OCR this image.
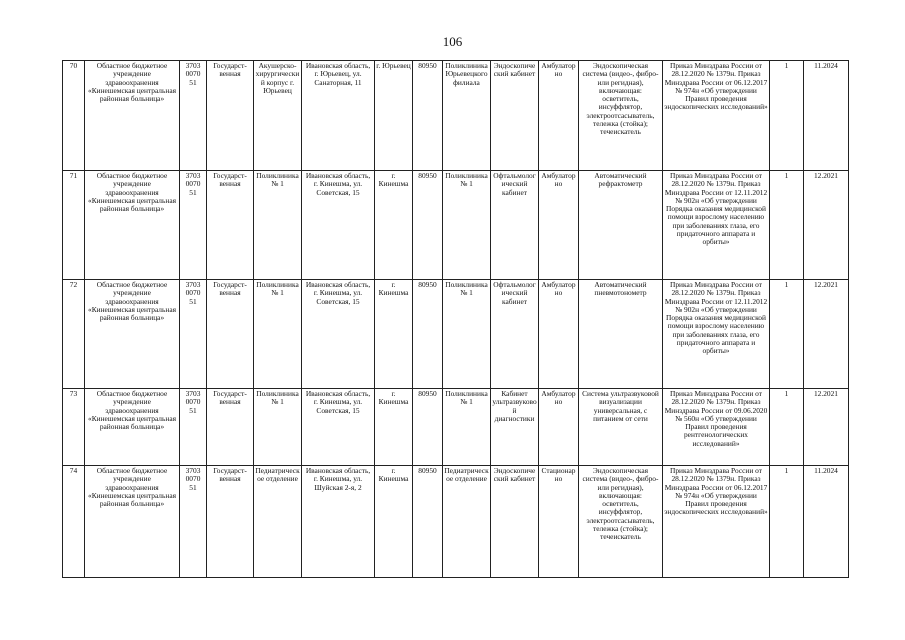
106
70	Областное бюджетное учреждение здравоохранения «Кинешемская центральная районная больница»	3703 0070 51	Государст-венная	Акушерско-хирургический корпус г. Юрьевец	Ивановская область, г. Юрьевец, ул. Санаторная, 11	г. Юрьевец	80950	Поликлиника Юрьевецкого филиала	Эндоскопический кабинет	Амбулаторно	Эндоскопическая система (видео-, фибро- или регидная), включающая: осветитель, инсуффлятор, электроотсасыватель, тележка (стойка); течеискатель	Приказ Минздрава России от 28.12.2020 № 1379н. Приказ Минздрава России от 06.12.2017 № 974н «Об утверждении Правил проведения эндоскопических исследований»	1	11.2024
71	Областное бюджетное учреждение здравоохранения «Кинешемская центральная районная больница»	3703 0070 51	Государст-венная	Поликлиника № 1	Ивановская область, г. Кинешма, ул. Советская, 15	г. Кинешма	80950	Поликлиника № 1	Офтальмологический кабинет	Амбулаторно	Автоматический рефрактометр	Приказ Минздрава России от 28.12.2020 № 1379н. Приказ Минздрава России от 12.11.2012 № 902н «Об утверждении Порядка оказания медицинской помощи взрослому населению при заболеваниях глаза, его придаточного аппарата и орбиты»	1	12.2021
72	Областное бюджетное учреждение здравоохранения «Кинешемская центральная районная больница»	3703 0070 51	Государст-венная	Поликлиника № 1	Ивановская область, г. Кинешма, ул. Советская, 15	г. Кинешма	80950	Поликлиника № 1	Офтальмологический кабинет	Амбулаторно	Автоматический пневмотонометр	Приказ Минздрава России от 28.12.2020 № 1379н. Приказ Минздрава России от 12.11.2012 № 902н «Об утверждении Порядка оказания медицинской помощи взрослому населению при заболеваниях глаза, его придаточного аппарата и орбиты»	1	12.2021
73	Областное бюджетное учреждение здравоохранения «Кинешемская центральная районная больница»	3703 0070 51	Государст-венная	Поликлиника № 1	Ивановская область, г. Кинешма, ул. Советская, 15	г. Кинешма	80950	Поликлиника № 1	Кабинет ультразвуковой диагностики	Амбулаторно	Система ультразвуковой визуализации универсальная, с питанием от сети	Приказ Минздрава России от 28.12.2020 № 1379н. Приказ Минздрава России от 09.06.2020 № 560н «Об утверждении Правил проведения рентгенологических исследований»	1	12.2021
74	Областное бюджетное учреждение здравоохранения «Кинешемская центральная районная больница»	3703 0070 51	Государст-венная	Педиатрическое отделение	Ивановская область, г. Кинешма, ул. Шуйская 2-я, 2	г. Кинешма	80950	Педиатрическое отделение	Эндоскопический кабинет	Стационарно	Эндоскопическая система (видео-, фибро- или регидная), включающая: осветитель, инсуффлятор, электроотсасыватель, тележка (стойка); течеискатель	Приказ Минздрава России от 28.12.2020 № 1379н. Приказ Минздрава России от 06.12.2017 № 974н «Об утверждении Правил проведения эндоскопических исследований»	1	11.2024
